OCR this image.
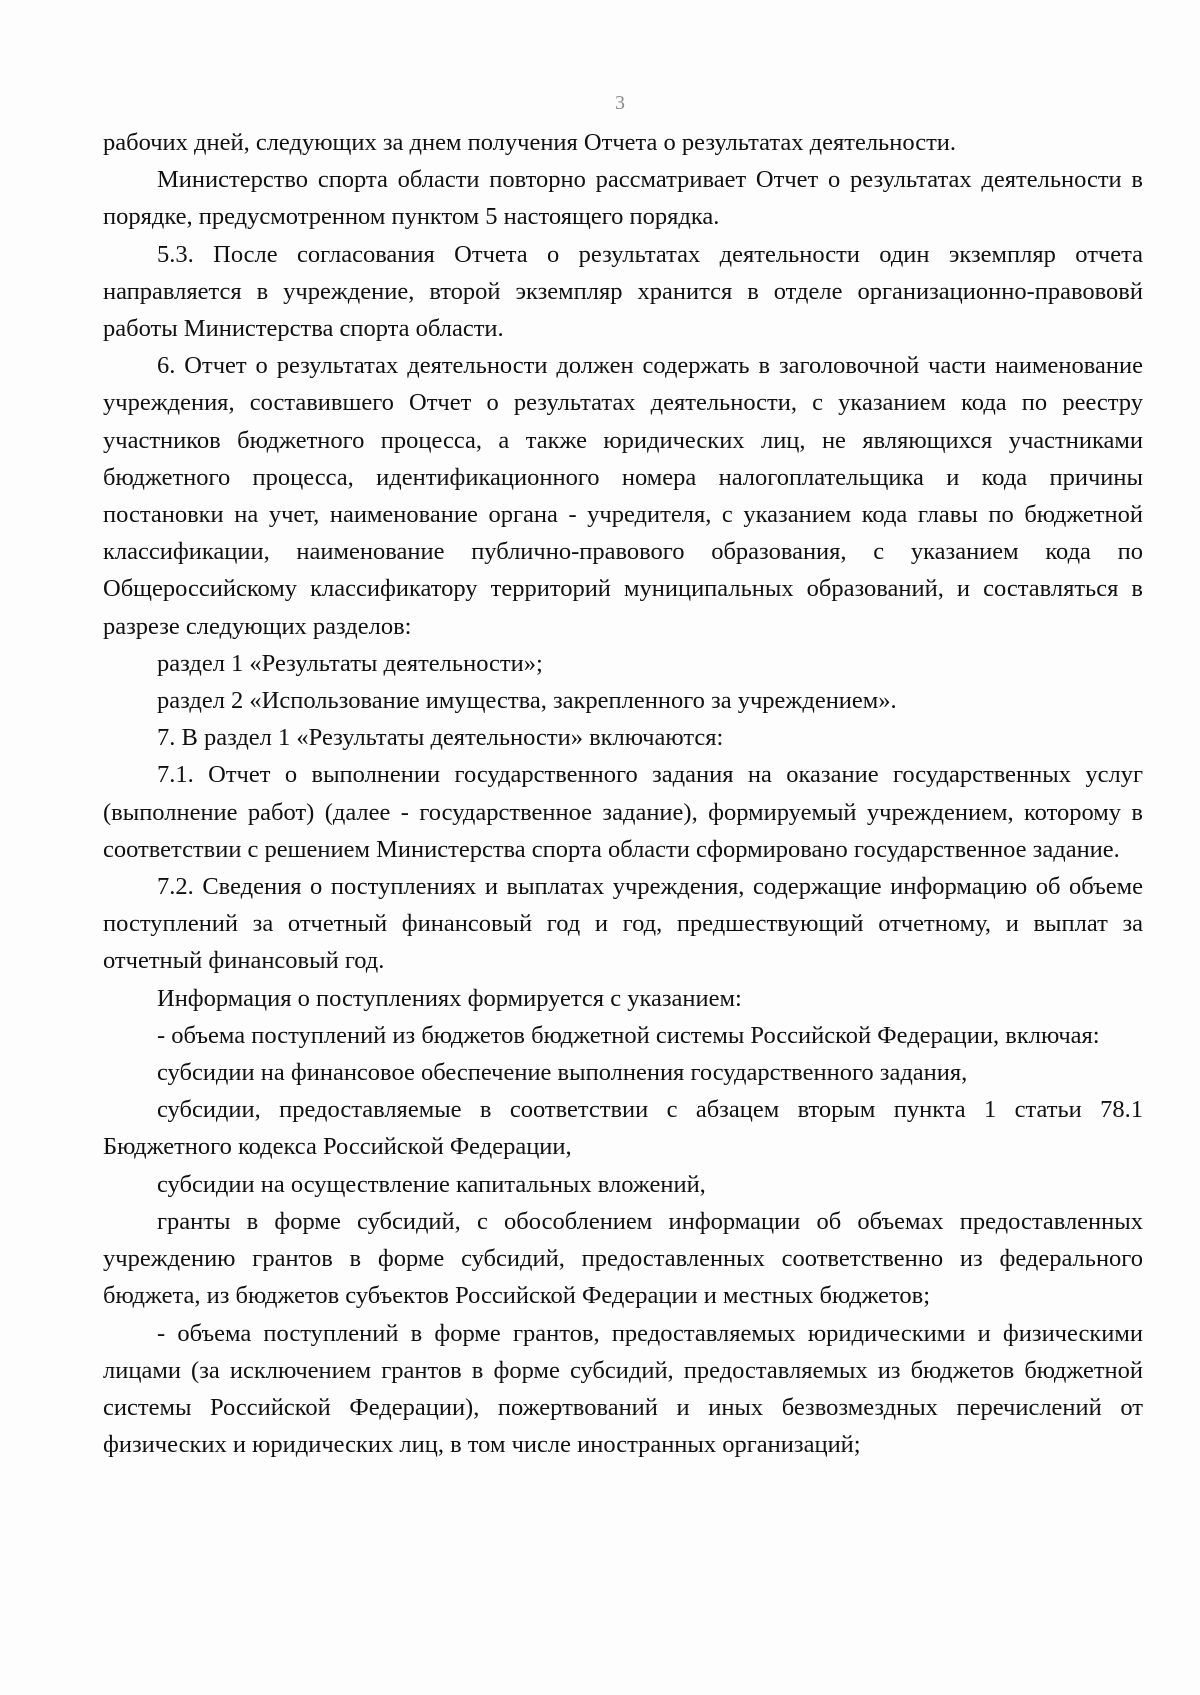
3

рабочих дней, следующих за днем получения Отчета о результатах деятельности.

Министерство спорта области повторно рассматривает Отчет о результатах деятельности в порядке, предусмотренном пунктом 5 настоящего порядка.

5.3. После согласования Отчета о результатах деятельности один экземпляр отчета направляется в учреждение, второй экземпляр хранится в отделе организационно-правововй работы Министерства спорта области.

6. Отчет о результатах деятельности должен содержать в заголовочной части наименование учреждения, составившего Отчет о результатах деятельности, с указанием кода по реестру участников бюджетного процесса, а также юридических лиц, не являющихся участниками бюджетного процесса, идентификационного номера налогоплательщика и кода причины постановки на учет, наименование органа - учредителя, с указанием кода главы по бюджетной классификации, наименование публично-правового образования, с указанием кода по Общероссийскому классификатору территорий муниципальных образований, и составляться в разрезе следующих разделов:

раздел 1 «Результаты деятельности»;

раздел 2 «Использование имущества, закрепленного за учреждением».

7. В раздел 1 «Результаты деятельности» включаются:

7.1. Отчет о выполнении государственного задания на оказание государственных услуг (выполнение работ) (далее - государственное задание), формируемый учреждением, которому в соответствии с решением Министерства спорта области сформировано государственное задание.

7.2. Сведения о поступлениях и выплатах учреждения, содержащие информацию об объеме поступлений за отчетный финансовый год и год, предшествующий отчетному, и выплат за отчетный финансовый год.

Информация о поступлениях формируется с указанием:

- объема поступлений из бюджетов бюджетной системы Российской Федерации, включая:

субсидии на финансовое обеспечение выполнения государственного задания,

субсидии, предоставляемые в соответствии с абзацем вторым пункта 1 статьи 78.1 Бюджетного кодекса Российской Федерации,

субсидии на осуществление капитальных вложений,

гранты в форме субсидий, с обособлением информации об объемах предоставленных учреждению грантов в форме субсидий, предоставленных соответственно из федерального бюджета, из бюджетов субъектов Российской Федерации и местных бюджетов;

- объема поступлений в форме грантов, предоставляемых юридическими и физическими лицами (за исключением грантов в форме субсидий, предоставляемых из бюджетов бюджетной системы Российской Федерации), пожертвований и иных безвозмездных перечислений от физических и юридических лиц, в том числе иностранных организаций;
